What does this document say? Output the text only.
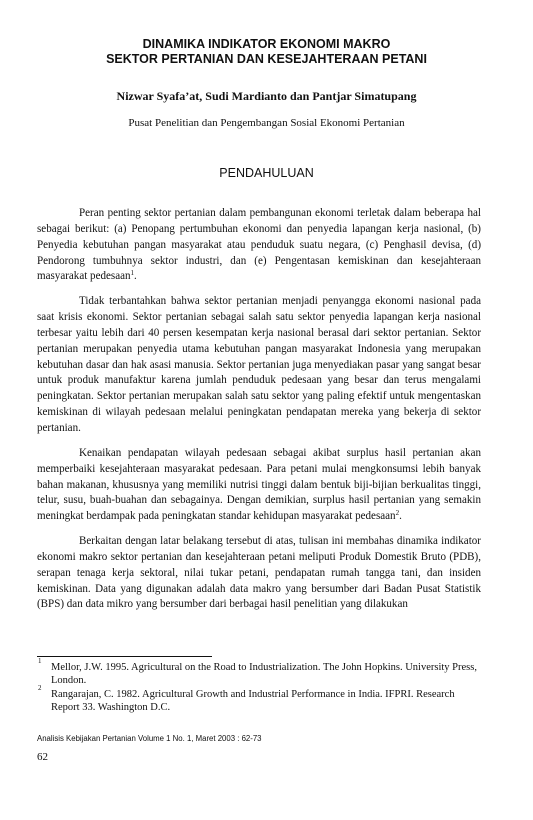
DINAMIKA INDIKATOR EKONOMI MAKRO
SEKTOR PERTANIAN DAN KESEJAHTERAAN PETANI
Nizwar Syafa’at, Sudi Mardianto dan Pantjar Simatupang
Pusat Penelitian dan Pengembangan Sosial Ekonomi Pertanian
PENDAHULUAN

Peran penting sektor pertanian dalam pembangunan ekonomi terletak dalam beberapa hal sebagai berikut: (a) Penopang pertumbuhan ekonomi dan penyedia lapangan kerja nasional, (b) Penyedia kebutuhan pangan masyarakat atau penduduk suatu negara, (c) Penghasil devisa, (d) Pendorong tumbuhnya sektor industri, dan (e) Pengentasan kemiskinan dan kesejahteraan masyarakat pedesaan$^1$.

Tidak terbantahkan bahwa sektor pertanian menjadi penyangga ekonomi nasional pada saat krisis ekonomi. Sektor pertanian sebagai salah satu sektor penyedia lapangan kerja nasional terbesar yaitu lebih dari 40 persen kesempatan kerja nasional berasal dari sektor pertanian. Sektor pertanian merupakan penyedia utama kebutuhan pangan masyarakat Indonesia yang merupakan kebutuhan dasar dan hak asasi manusia. Sektor pertanian juga menyediakan pasar yang sangat besar untuk produk manufaktur karena jumlah penduduk pedesaan yang besar dan terus mengalami peningkatan. Sektor pertanian merupakan salah satu sektor yang paling efektif untuk mengentaskan kemiskinan di wilayah pedesaan melalui peningkatan pendapatan mereka yang bekerja di sektor pertanian.

Kenaikan pendapatan wilayah pedesaan sebagai akibat surplus hasil pertanian akan memperbaiki kesejahteraan masyarakat pedesaan. Para petani mulai mengkonsumsi lebih banyak bahan makanan, khususnya yang memiliki nutrisi tinggi dalam bentuk biji-bijian berkualitas tinggi, telur, susu, buah-buahan dan sebagainya. Dengan demikian, surplus hasil pertanian yang semakin meningkat berdampak pada peningkatan standar kehidupan masyarakat pedesaan$^2$.

Berkaitan dengan latar belakang tersebut di atas, tulisan ini membahas dinamika indikator ekonomi makro sektor pertanian dan kesejahteraan petani meliputi Produk Domestik Bruto (PDB), serapan tenaga kerja sektoral, nilai tukar petani, pendapatan rumah tangga tani, dan insiden kemiskinan. Data yang digunakan adalah data makro yang bersumber dari Badan Pusat Statistik (BPS) dan data mikro yang bersumber dari berbagai hasil penelitian yang dilakukan

1
Mellor, J.W. 1995. Agricultural on the Road to Industrialization. The John Hopkins. University Press, London.
2
Rangarajan, C. 1982. Agricultural Growth and Industrial Performance in India. IFPRI. Research Report 33. Washington D.C.
Analisis Kebijakan Pertanian Volume 1 No. 1, Maret 2003 : 62-73
62
